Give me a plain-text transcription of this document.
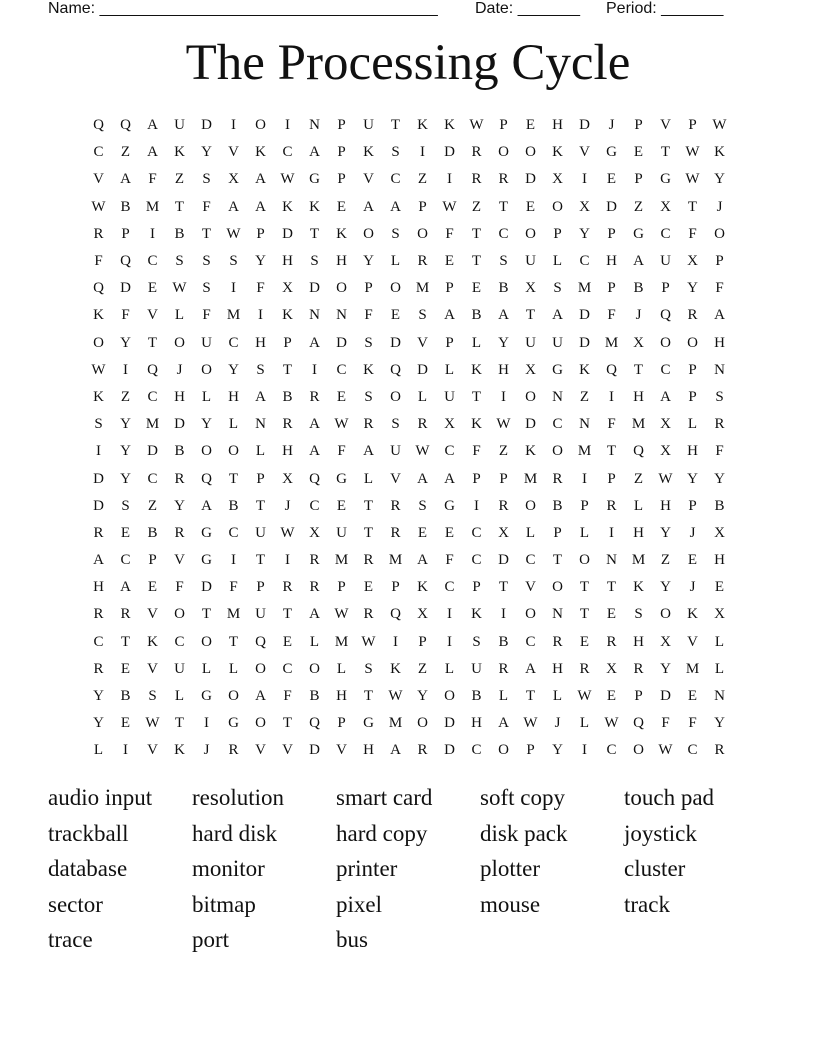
Name: ______________________________________ Date: _______ Period: _______
The Processing Cycle
Q	Q	A	U	D	I	O	I	N	P	U	T	K	K W	P	E	H	D	J	P	V	P	W
C	Z	A	K	Y	V	K	C	A	P	K	S	I	D	R	O	O	K	V	G	E	T	W K
V	A	F	Z	S	X	A W G	P	V	C	Z	I	R	R	D	X	I	E	P	G W Y
W B	M	T	F	A	A	K	K	E	A	A	P	W	Z	T	E	O	X	D	Z	X	T	J
R	P	I	B	T	W	P	D	T	K	O	S	O	F	T	C	O	P	Y	P	G	C	F	O
F	Q	C	S	S	S	Y	H	S	H	Y	L	R	E	T	S	U	L	C	H	A	U	X	P
Q	D	E	W	S	I	F	X	D	O	P	O M	P	E	B	X	S	M	P	B	P	Y	F
K	F	V	L	F	M	I	K	N	N	F	E	S	A	B	A	T	A	D	F	J	Q	R	A
O	Y	T	O	U	C	H	P	A	D	S	D	V	P	L	Y	U	U	D M X	O	O	H
W	I	Q	J	O	Y	S	T	I	C	K	Q	D	L	K	H	X	G	K	Q	T	C	P	N
K	Z	C	H	L	H	A	B	R	E	S	O	L	U	T	I	O	N	Z	I	H	A	P	S
S	Y M D	Y	L	N	R	A W R	S	R	X	K W D	C	N	F	M X	L	R
I	Y	D	B	O	O	L	H	A	F	A	U W C	F	Z	K	O M	T	Q	X	H	F
D	Y	C	R	Q	T	P	X	Q	G	L	V	A	A	P	P	M	R	I	P	Z	W Y	Y
D	S	Z	Y	A	B	T	J	C	E	T	R	S	G	I	R	O	B	P	R	L	H	P	B
R	E	B	R	G	C	U W X	U	T	R	E	E	C	X	L	P	L	I	H	Y	J	X
A	C	P	V	G	I	T	I	R	M	R	M A	F	C	D	C	T	O	N M	Z	E	H
H	A	E	F	D	F	P	R	R	P	E	P	K	C	P	T	V	O	T	T	K	Y	J	E
R	R	V	O	T	M U	T	A W R	Q	X	I	K	I	O	N	T	E	S	O	K	X
C	T	K	C	O	T	Q	E	L	M W	I	P	I	S	B	C	R	E	R	H	X	V	L
R	E	V	U	L	L	O	C	O	L	S	K	Z	L	U	R	A	H	R	X	R	Y M	L
Y	B	S	L	G	O	A	F	B	H	T	W Y	O	B	L	T	L	W	E	P	D	E	N
Y	E	W	T	I	G	O	T	Q	P	G M O	D	H	A W	J	L	W Q	F	F	Y
L	I	V	K	J	R	V	V	D	V	H	A	R	D	C	O	P	Y	I	C	O W C	R
audio input	resolution	smart card	soft copy	touch pad
trackball	hard disk	hard copy	disk pack	joystick
database	monitor	printer	plotter	cluster
sector	bitmap	pixel	mouse	track
trace	port	bus
